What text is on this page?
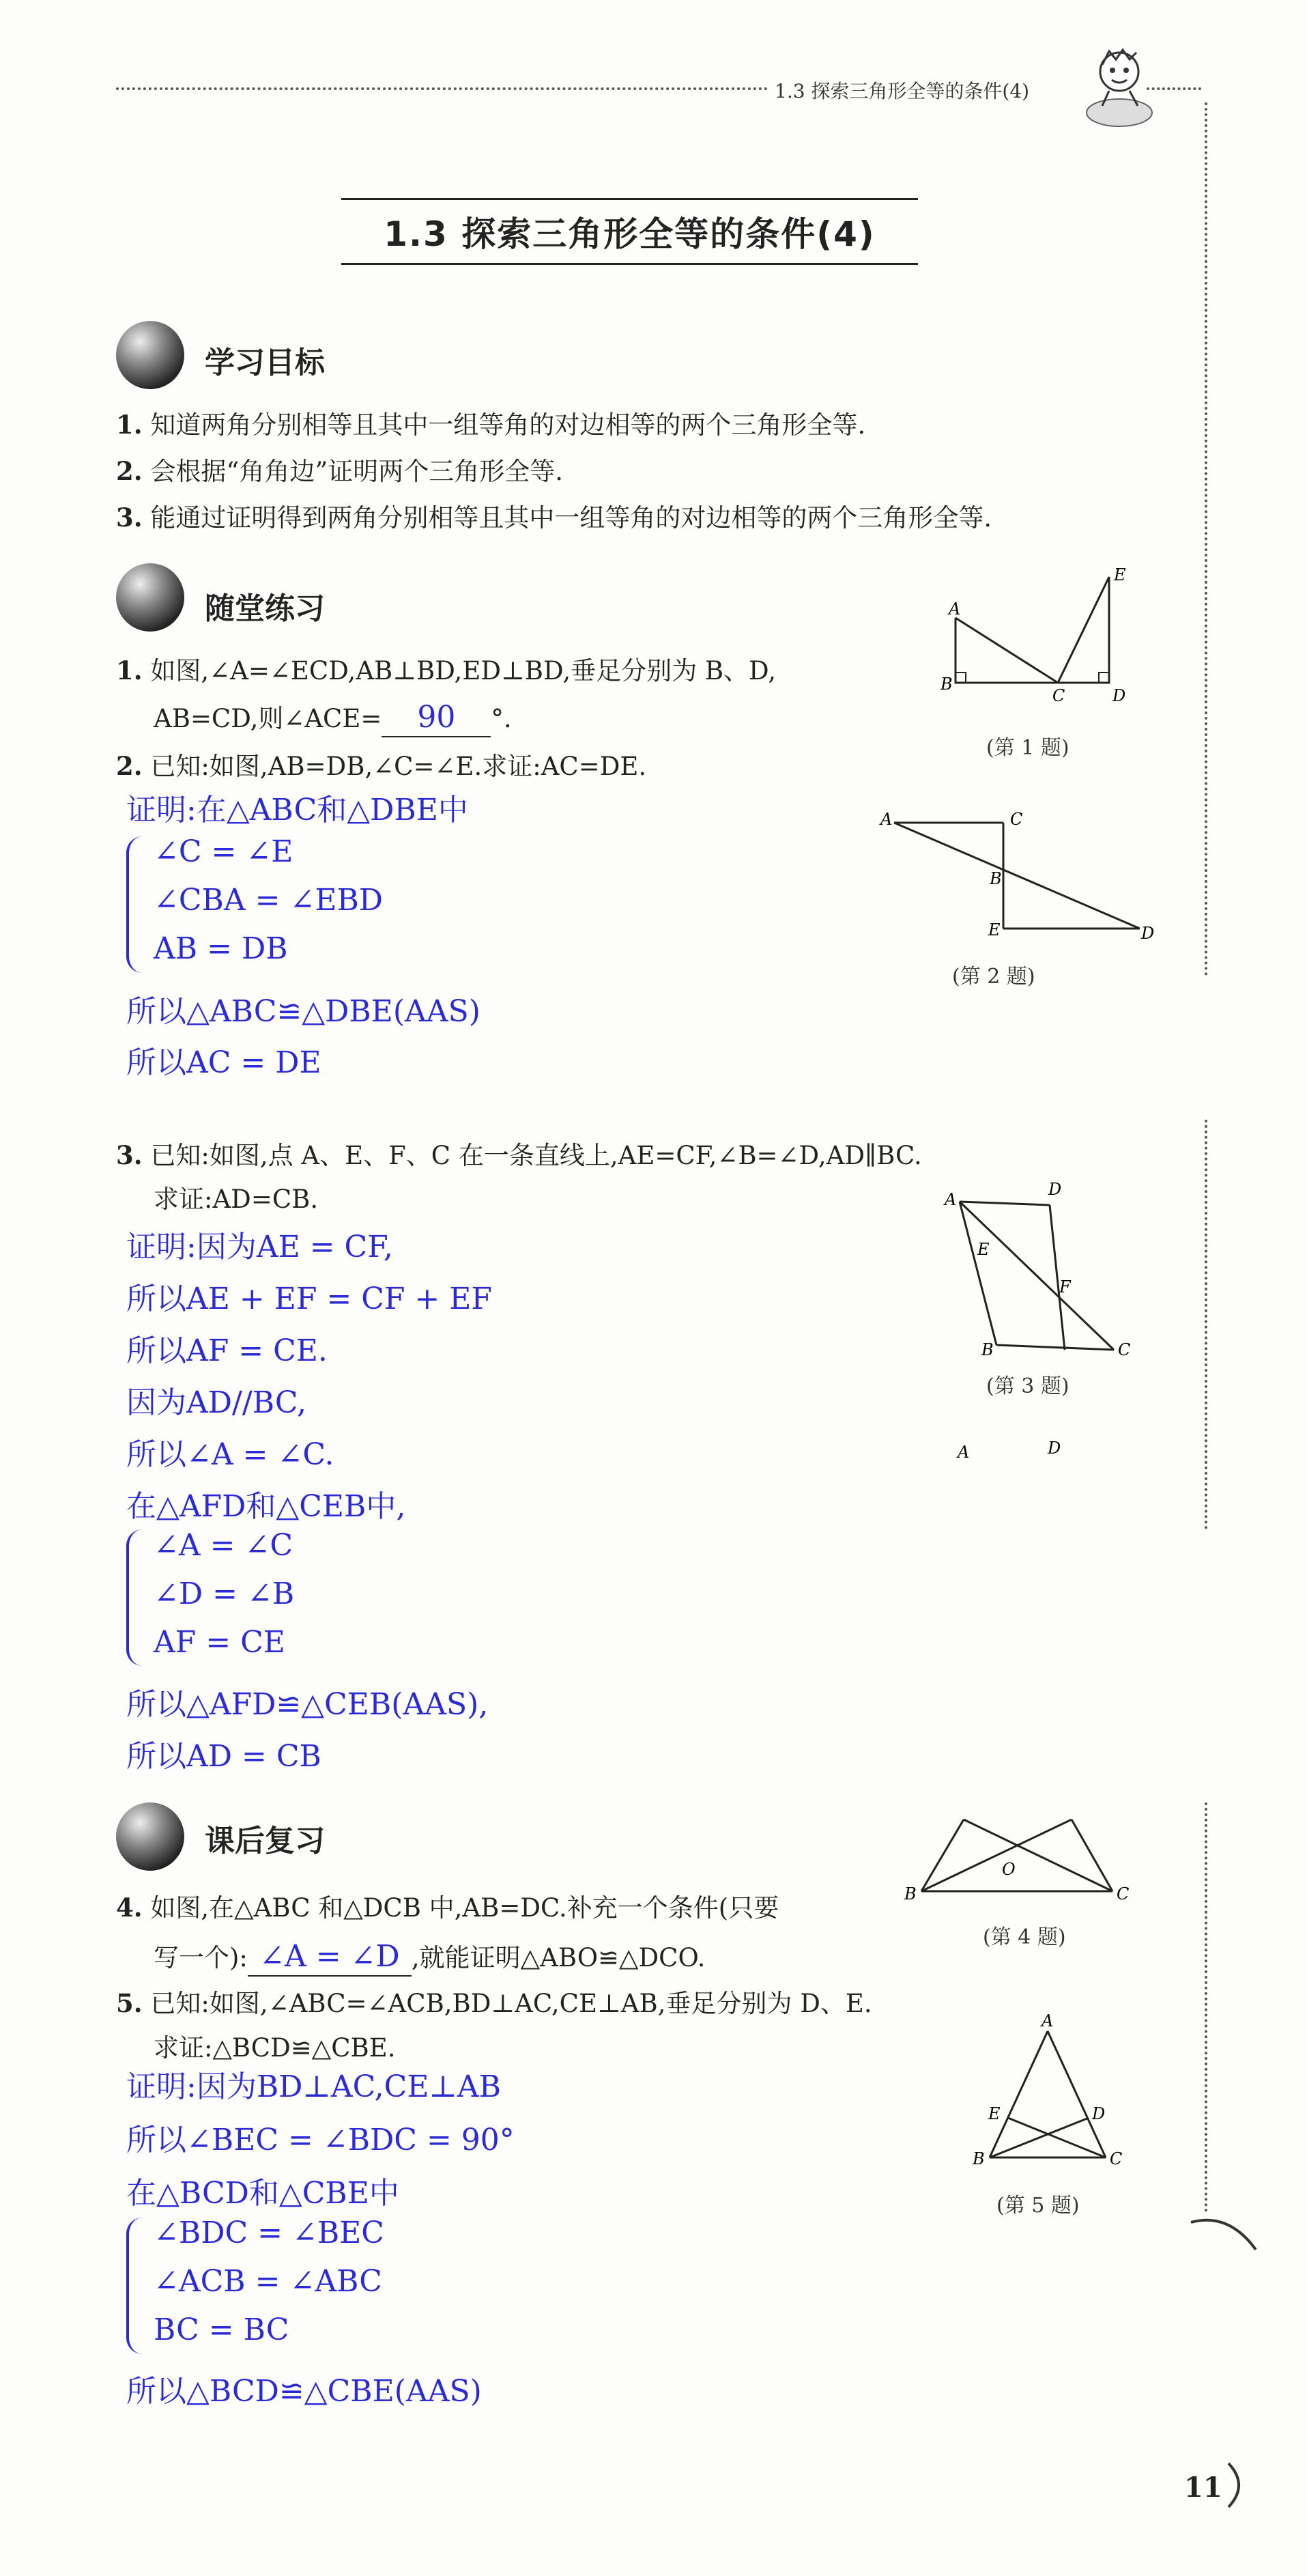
1.3 探索三角形全等的条件(4)
1.3 探索三角形全等的条件(4)
学习目标
1. 知道两角分别相等且其中一组等角的对边相等的两个三角形全等.
2. 会根据“角角边”证明两个三角形全等.
3. 能通过证明得到两角分别相等且其中一组等角的对边相等的两个三角形全等.
随堂练习
1. 如图,∠A=∠ECD,AB⊥BD,ED⊥BD,垂足分别为 B、D,
AB=CD,则∠ACE= 90 °.
A
B
C	D
E
(第 1 题)
2. 已知:如图,AB=DB,∠C=∠E.求证:AC=DE.
证明:在△ABC和△DBE中
∠C = ∠E
∠CBA = ∠EBD
AB = DB
所以△ABC≌△DBE(AAS)
所以AC = DE
A	C
B
E	D
(第 2 题)
3. 已知:如图,点 A、E、F、C 在一条直线上,AE=CF,∠B=∠D,AD∥BC.
求证:AD=CB.
证明:因为AE = CF,
所以AE + EF = CF + EF
所以AF = CE.
因为AD//BC,
所以∠A = ∠C.
在△AFD和△CEB中,
∠A = ∠C
∠D = ∠B
AF = CE
所以△AFD≌△CEB(AAS),
所以AD = CB
A
D
E
F
B	C
(第 3 题)
A	D
课后复习
O
B	C
(第 4 题)
4. 如图,在△ABC 和△DCB 中,AB=DC.补充一个条件(只要
写一个): ∠A = ∠D ,就能证明△ABO≌△DCO.
5. 已知:如图,∠ABC=∠ACB,BD⊥AC,CE⊥AB,垂足分别为 D、E.
求证:△BCD≌△CBE.
证明:因为BD⊥AC,CE⊥AB
所以∠BEC = ∠BDC = 90°
在△BCD和△CBE中
∠BDC = ∠BEC
∠ACB = ∠ABC
BC = BC
所以△BCD≌△CBE(AAS)
A
E	D
B	C
(第 5 题)
11
